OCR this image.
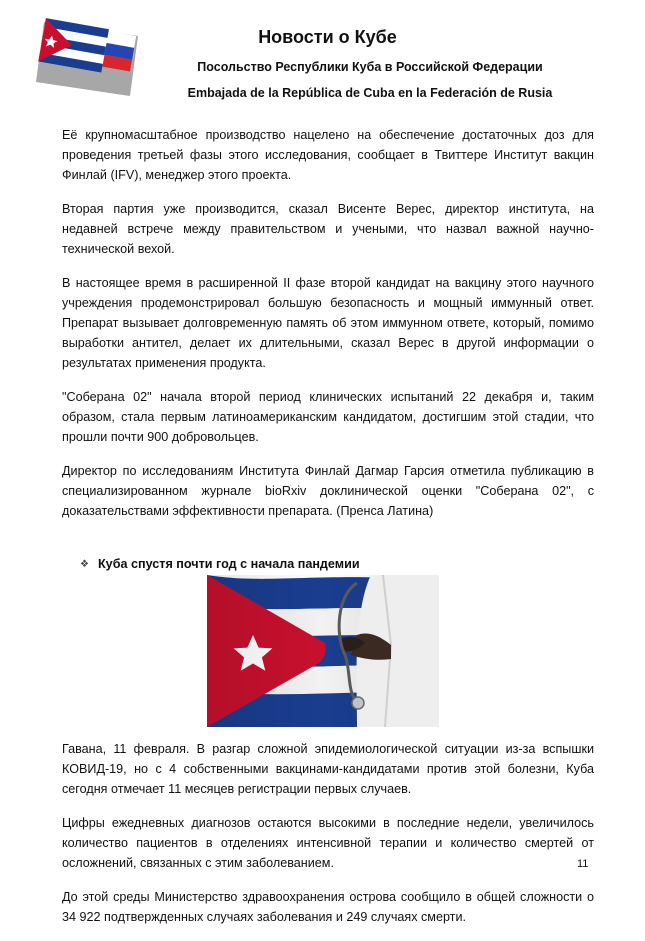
Новости о Кубе

Посольство Республики Куба в Российской Федерации

Embajada de la República de Cuba en la Federación de Rusia

Её крупномасштабное производство нацелено на обеспечение достаточных доз для проведения третьей фазы этого исследования, сообщает в Твиттере Институт вакцин Финлай (IFV), менеджер этого проекта.

Вторая партия уже производится, сказал Висенте Верес, директор института, на недавней встрече между правительством и учеными, что назвал важной научно-технической вехой.

В настоящее время в расширенной II фазе второй кандидат на вакцину этого научного учреждения продемонстрировал большую безопасность и мощный иммунный ответ. Препарат вызывает долговременную память об этом иммунном ответе, который, помимо выработки антител, делает их длительными, сказал Верес в другой информации о результатах применения продукта.

"Соберана 02" начала второй период клинических испытаний 22 декабря и, таким образом, стала первым латиноамериканским кандидатом, достигшим этой стадии, что прошли почти 900 добровольцев.

Директор по исследованиям Института Финлай Дагмар Гарсия отметила публикацию в специализированном журнале bioRxiv доклинической оценки "Соберана 02", с доказательствами эффективности препарата. (Пренса Латина)

❖ Куба спустя почти год с начала пандемии

Гавана, 11 февраля. В разгар сложной эпидемиологической ситуации из-за вспышки КОВИД-19, но с 4 собственными вакцинами-кандидатами против этой болезни, Куба сегодня отмечает 11 месяцев регистрации первых случаев.

Цифры ежедневных диагнозов остаются высокими в последние недели, увеличилось количество пациентов в отделениях интенсивной терапии и количество смертей от осложнений, связанных с этим заболеванием.

До этой среды Министерство здравоохранения острова сообщило в общей сложности о 34 922 подтвержденных случаях заболевания и 249 случаях смерти.

11
